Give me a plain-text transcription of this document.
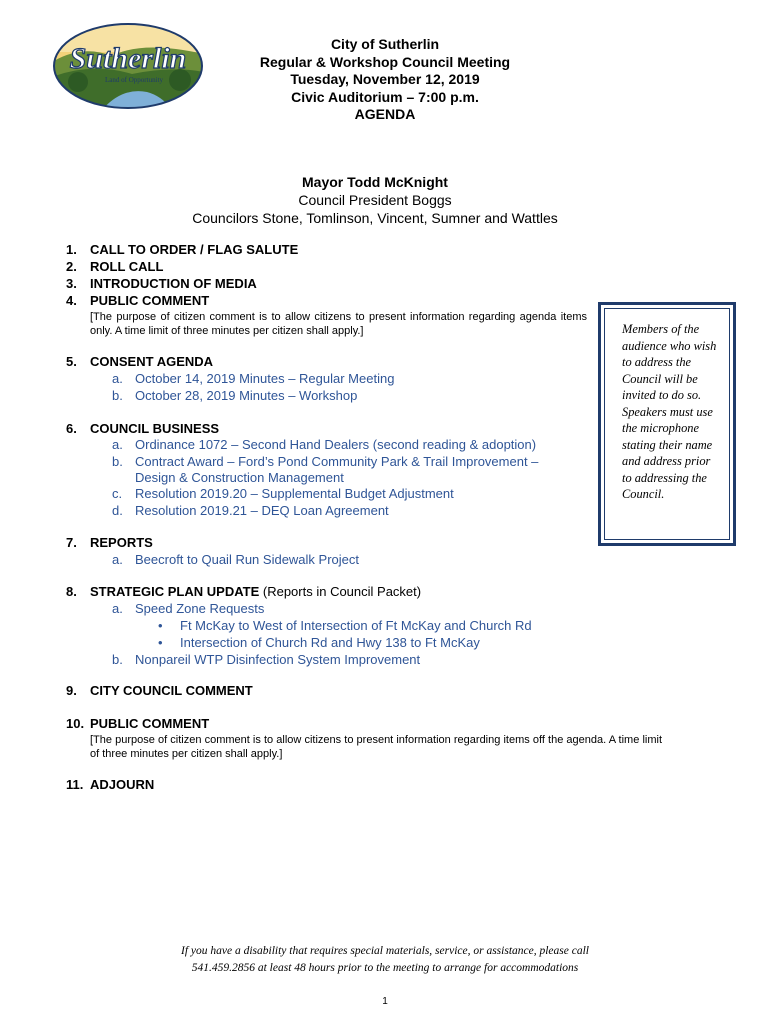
Sutherlin
Land of Opportunity
City of Sutherlin
Regular & Workshop Council Meeting
Tuesday, November 12, 2019
Civic Auditorium – 7:00 p.m.
AGENDA
Mayor Todd McKnight
Council President Boggs
Councilors Stone, Tomlinson, Vincent, Sumner and Wattles
1. CALL TO ORDER / FLAG SALUTE
2. ROLL CALL
3. INTRODUCTION OF MEDIA
4. PUBLIC COMMENT
[The purpose of citizen comment is to allow citizens to present information regarding agenda items only. A time limit of three minutes per citizen shall apply.]
5. CONSENT AGENDA
a. October 14, 2019 Minutes – Regular Meeting
b. October 28, 2019 Minutes – Workshop
6. COUNCIL BUSINESS
a. Ordinance 1072 – Second Hand Dealers (second reading & adoption)
b. Contract Award – Ford’s Pond Community Park & Trail Improvement –
Design & Construction Management
c. Resolution 2019.20 – Supplemental Budget Adjustment
d. Resolution 2019.21 – DEQ Loan Agreement
7. REPORTS
a. Beecroft to Quail Run Sidewalk Project
8. STRATEGIC PLAN UPDATE (Reports in Council Packet)
a. Speed Zone Requests
• Ft McKay to West of Intersection of Ft McKay and Church Rd
• Intersection of Church Rd and Hwy 138 to Ft McKay
b. Nonpareil WTP Disinfection System Improvement
9. CITY COUNCIL COMMENT
10. PUBLIC COMMENT
[The purpose of citizen comment is to allow citizens to present information regarding items off the agenda. A time limit of three minutes per citizen shall apply.]
11. ADJOURN
Members of the audience who wish to address the Council will be invited to do so. Speakers must use the microphone stating their name and address prior to addressing the Council.
If you have a disability that requires special materials, service, or assistance, please call
541.459.2856 at least 48 hours prior to the meeting to arrange for accommodations
1
